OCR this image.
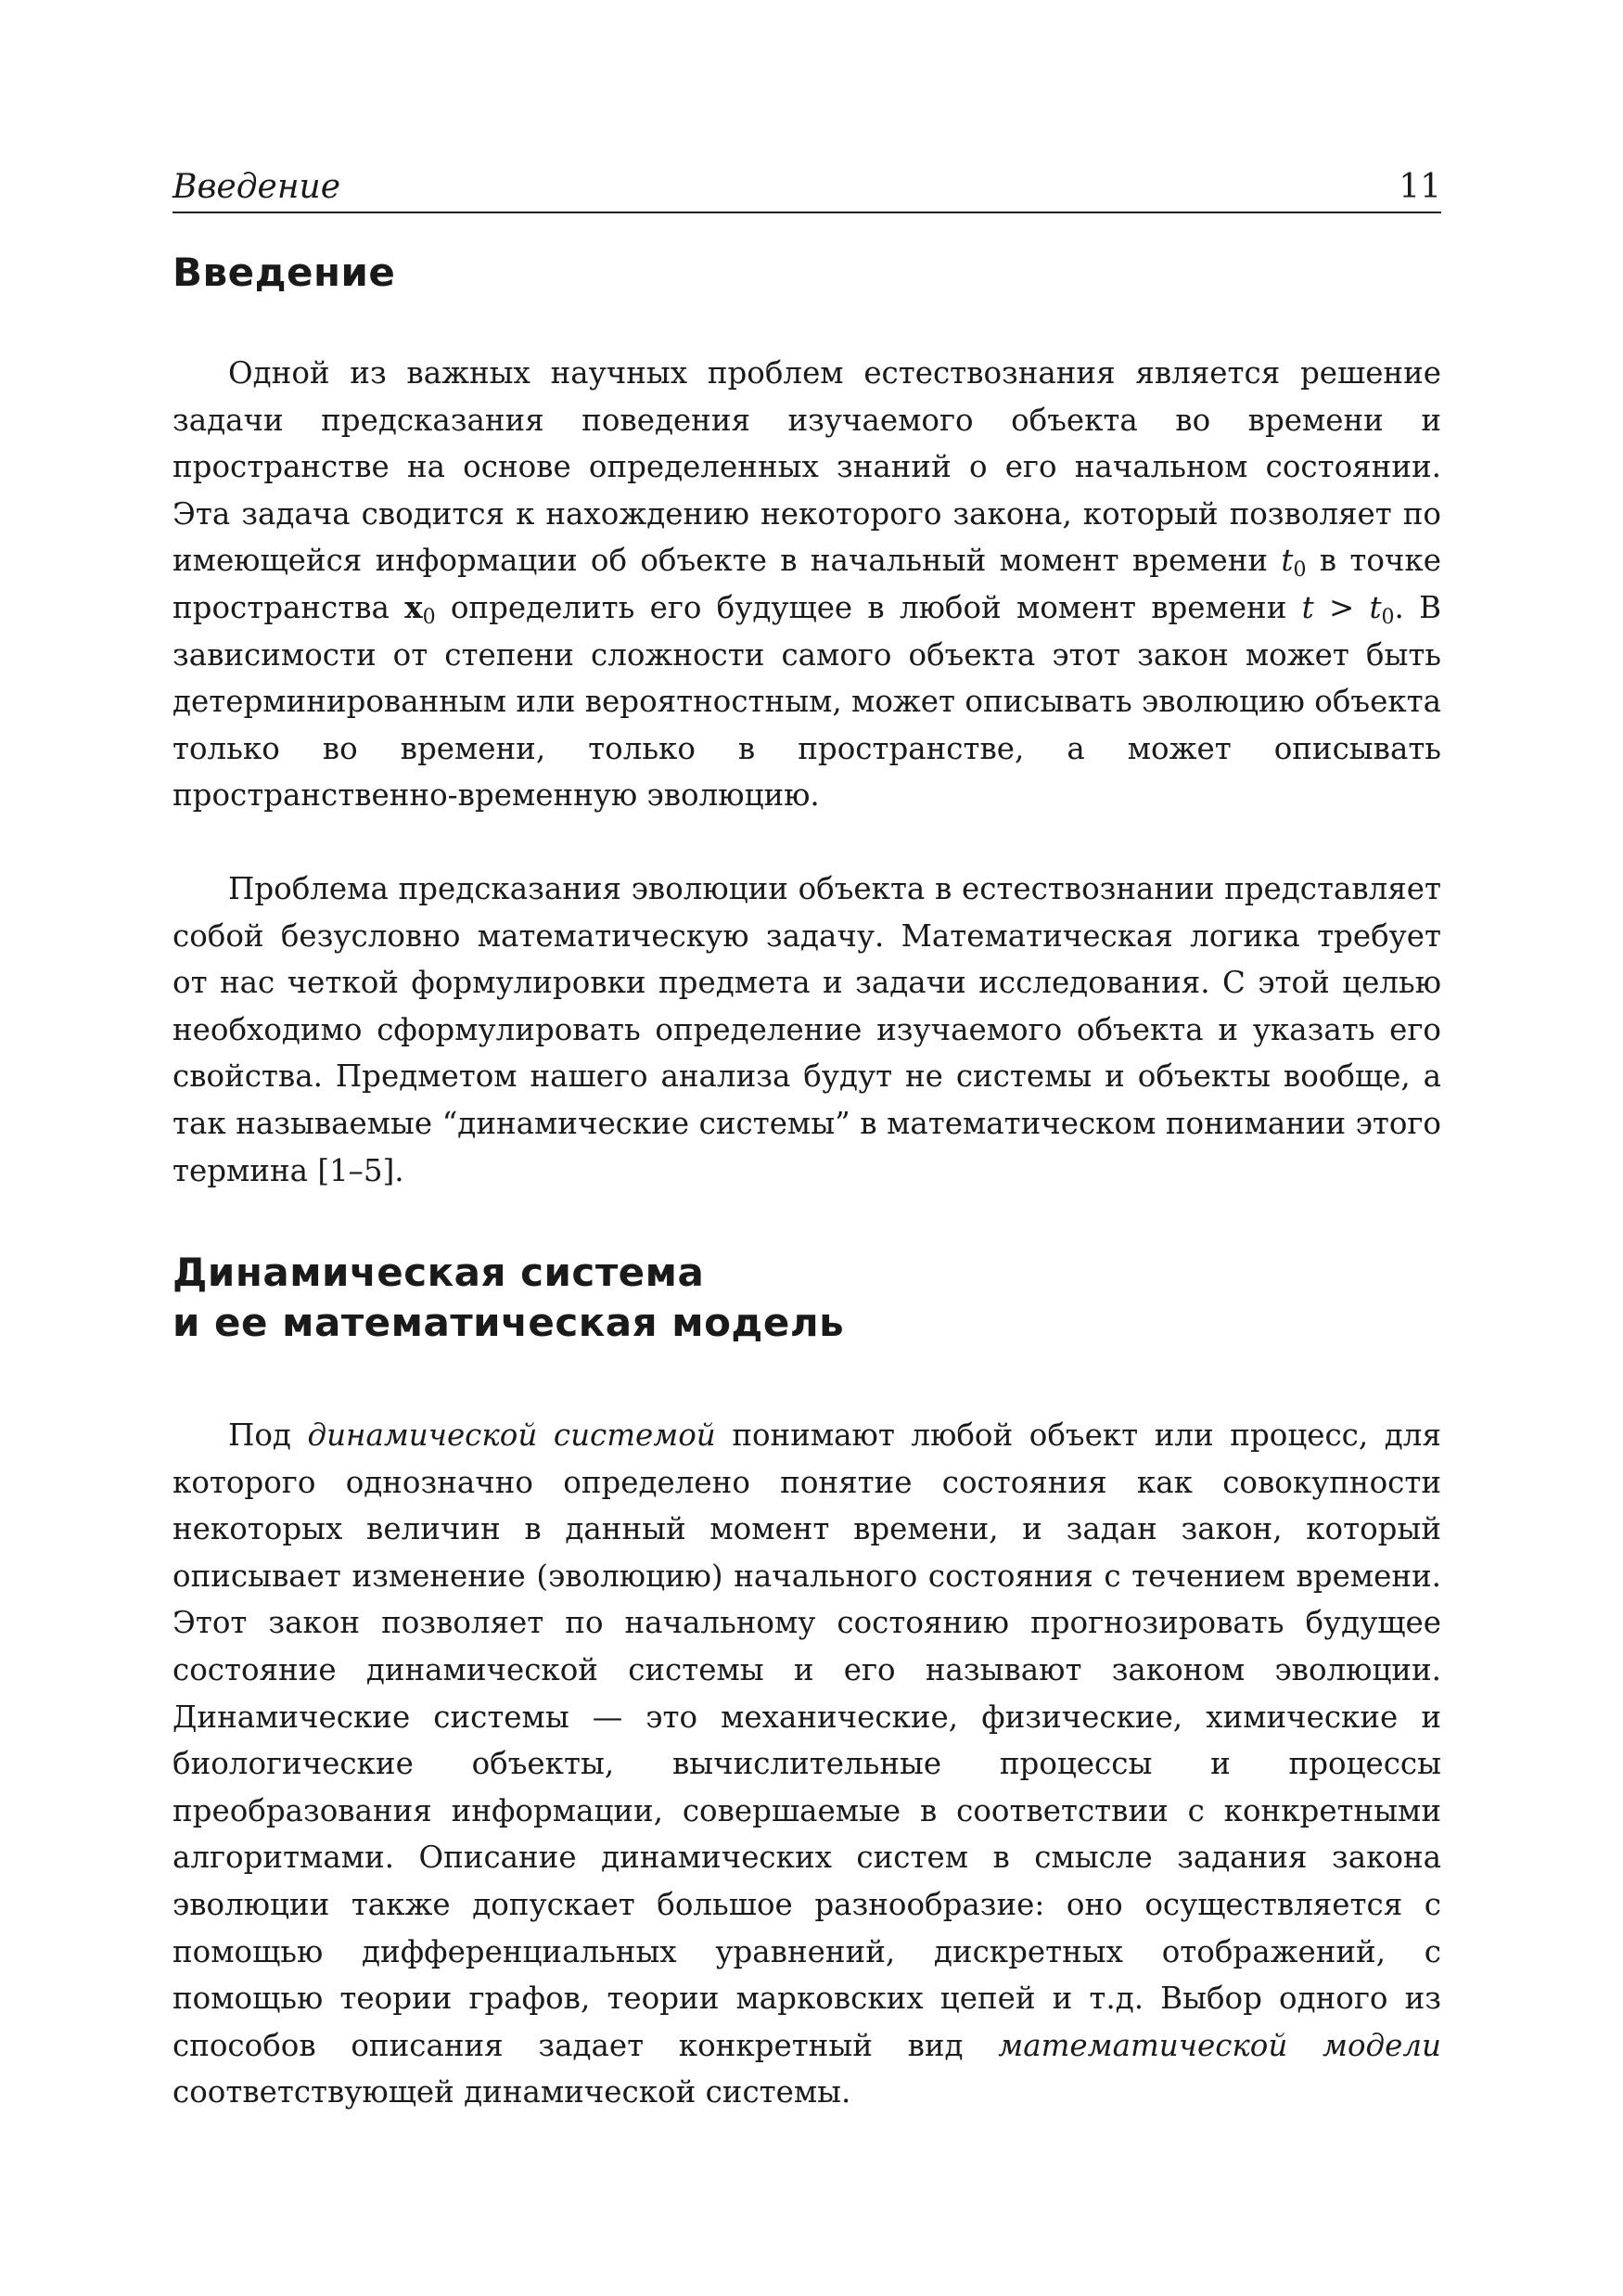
Введение	11
Введение

Одной из важных научных проблем естествознания является решение задачи предсказания поведения изучаемого объекта во времени и пространстве на основе определенных знаний о его начальном состоянии. Эта задача сводится к нахождению некоторого закона, который позволяет по имеющейся информации об объекте в начальный момент времени $t_0$ в точке пространства $x_0$ определить его будущее в любой момент времени $t > t_0$. В зависимости от степени сложности самого объекта этот закон может быть детерминированным или вероятностным, может описывать эволюцию объекта только во времени, только в пространстве, а может описывать пространственно-временную эволюцию.

Проблема предсказания эволюции объекта в естествознании представляет собой безусловно математическую задачу. Математическая логика требует от нас четкой формулировки предмета и задачи исследования. С этой целью необходимо сформулировать определение изучаемого объекта и указать его свойства. Предметом нашего анализа будут не системы и объекты вообще, а так называемые “динамические системы” в математическом понимании этого термина [1–5].

Динамическая система
и ее математическая модель

Под динамической системой понимают любой объект или процесс, для которого однозначно определено понятие состояния как совокупности некоторых величин в данный момент времени, и задан закон, который описывает изменение (эволюцию) начального состояния с течением времени. Этот закон позволяет по начальному состоянию прогнозировать будущее состояние динамической системы и его называют законом эволюции. Динамические системы — это механические, физические, химические и биологические объекты, вычислительные процессы и процессы преобразования информации, совершаемые в соответствии с конкретными алгоритмами. Описание динамических систем в смысле задания закона эволюции также допускает большое разнообразие: оно осуществляется с помощью дифференциальных уравнений, дискретных отображений, с помощью теории графов, теории марковских цепей и т.д. Выбор одного из способов описания задает конкретный вид математической модели соответствующей динамической системы.
